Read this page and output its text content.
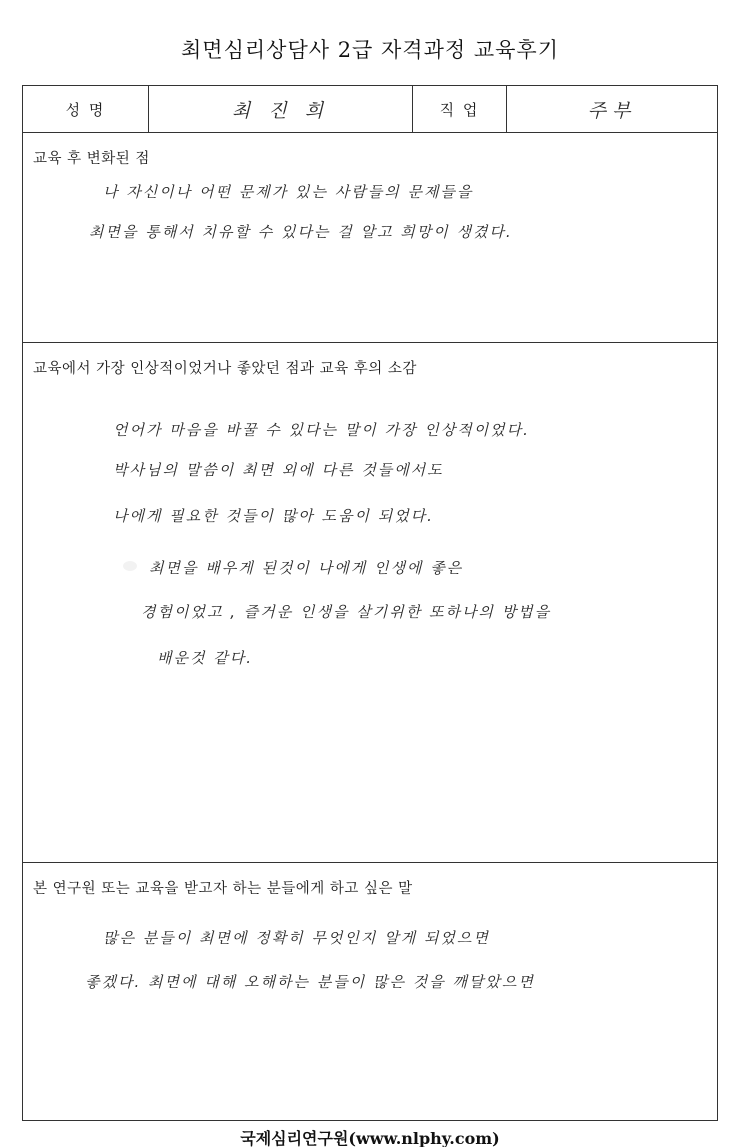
최면심리상담사 2급 자격과정 교육후기
성 명	최 진 희	직 업	주부
교육 후 변화된 점
나 자신이나 어떤 문제가 있는 사람들의 문제들을
최면을 통해서 치유할 수 있다는 걸 알고 희망이 생겼다.
교육에서 가장 인상적이었거나 좋았던 점과 교육 후의 소감
언어가 마음을 바꿀 수 있다는 말이 가장 인상적이었다.
박사님의 말씀이 최면 외에 다른 것들에서도
나에게 필요한 것들이 많아 도움이 되었다.
최면을 배우게 된것이 나에게 인생에 좋은
경험이었고 , 즐거운 인생을 살기위한 또하나의 방법을
배운것 같다.
본 연구원 또는 교육을 받고자 하는 분들에게 하고 싶은 말
많은 분들이 최면에 정확히 무엇인지 알게 되었으면
좋겠다. 최면에 대해 오해하는 분들이 많은 것을 깨달았으면
국제심리연구원(www.nlphy.com)
